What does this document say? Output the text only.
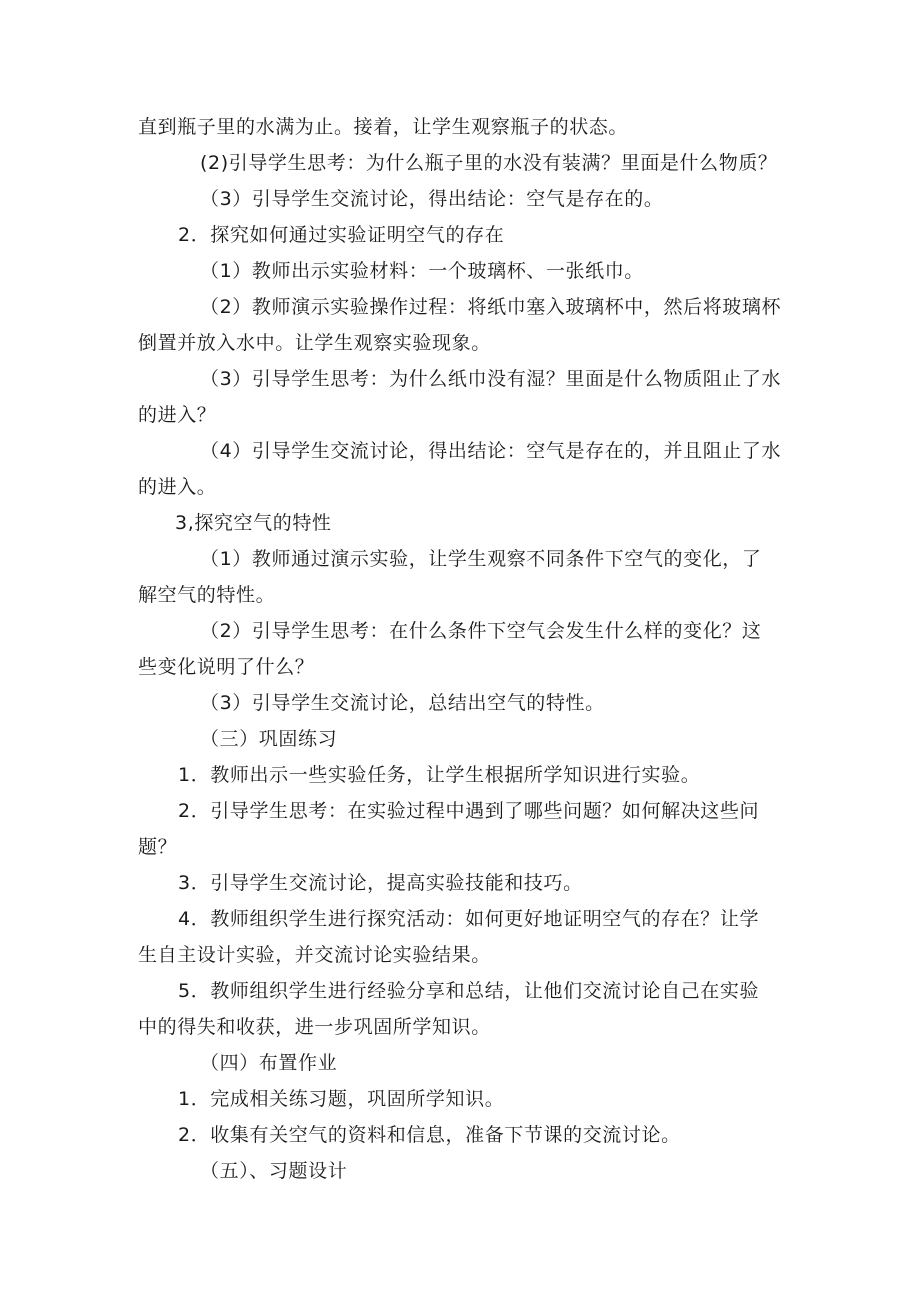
直到瓶子里的水满为止。接着，让学生观察瓶子的状态。
(2)引导学生思考：为什么瓶子里的水没有装满？里面是什么物质？
（3）引导学生交流讨论，得出结论：空气是存在的。
2．探究如何通过实验证明空气的存在
（1）教师出示实验材料：一个玻璃杯、一张纸巾。
（2）教师演示实验操作过程：将纸巾塞入玻璃杯中，然后将玻璃杯
倒置并放入水中。让学生观察实验现象。
（3）引导学生思考：为什么纸巾没有湿？里面是什么物质阻止了水
的进入？
（4）引导学生交流讨论，得出结论：空气是存在的，并且阻止了水
的进入。
3,探究空气的特性
（1）教师通过演示实验，让学生观察不同条件下空气的变化，了
解空气的特性。
（2）引导学生思考：在什么条件下空气会发生什么样的变化？这
些变化说明了什么？
（3）引导学生交流讨论，总结出空气的特性。
（三）巩固练习
1．教师出示一些实验任务，让学生根据所学知识进行实验。
2．引导学生思考：在实验过程中遇到了哪些问题？如何解决这些问
题？
3．引导学生交流讨论，提高实验技能和技巧。
4．教师组织学生进行探究活动：如何更好地证明空气的存在？让学
生自主设计实验，并交流讨论实验结果。
5．教师组织学生进行经验分享和总结，让他们交流讨论自己在实验
中的得失和收获，进一步巩固所学知识。
（四）布置作业
1．完成相关练习题，巩固所学知识。
2．收集有关空气的资料和信息，准备下节课的交流讨论。
（五）、习题设计
